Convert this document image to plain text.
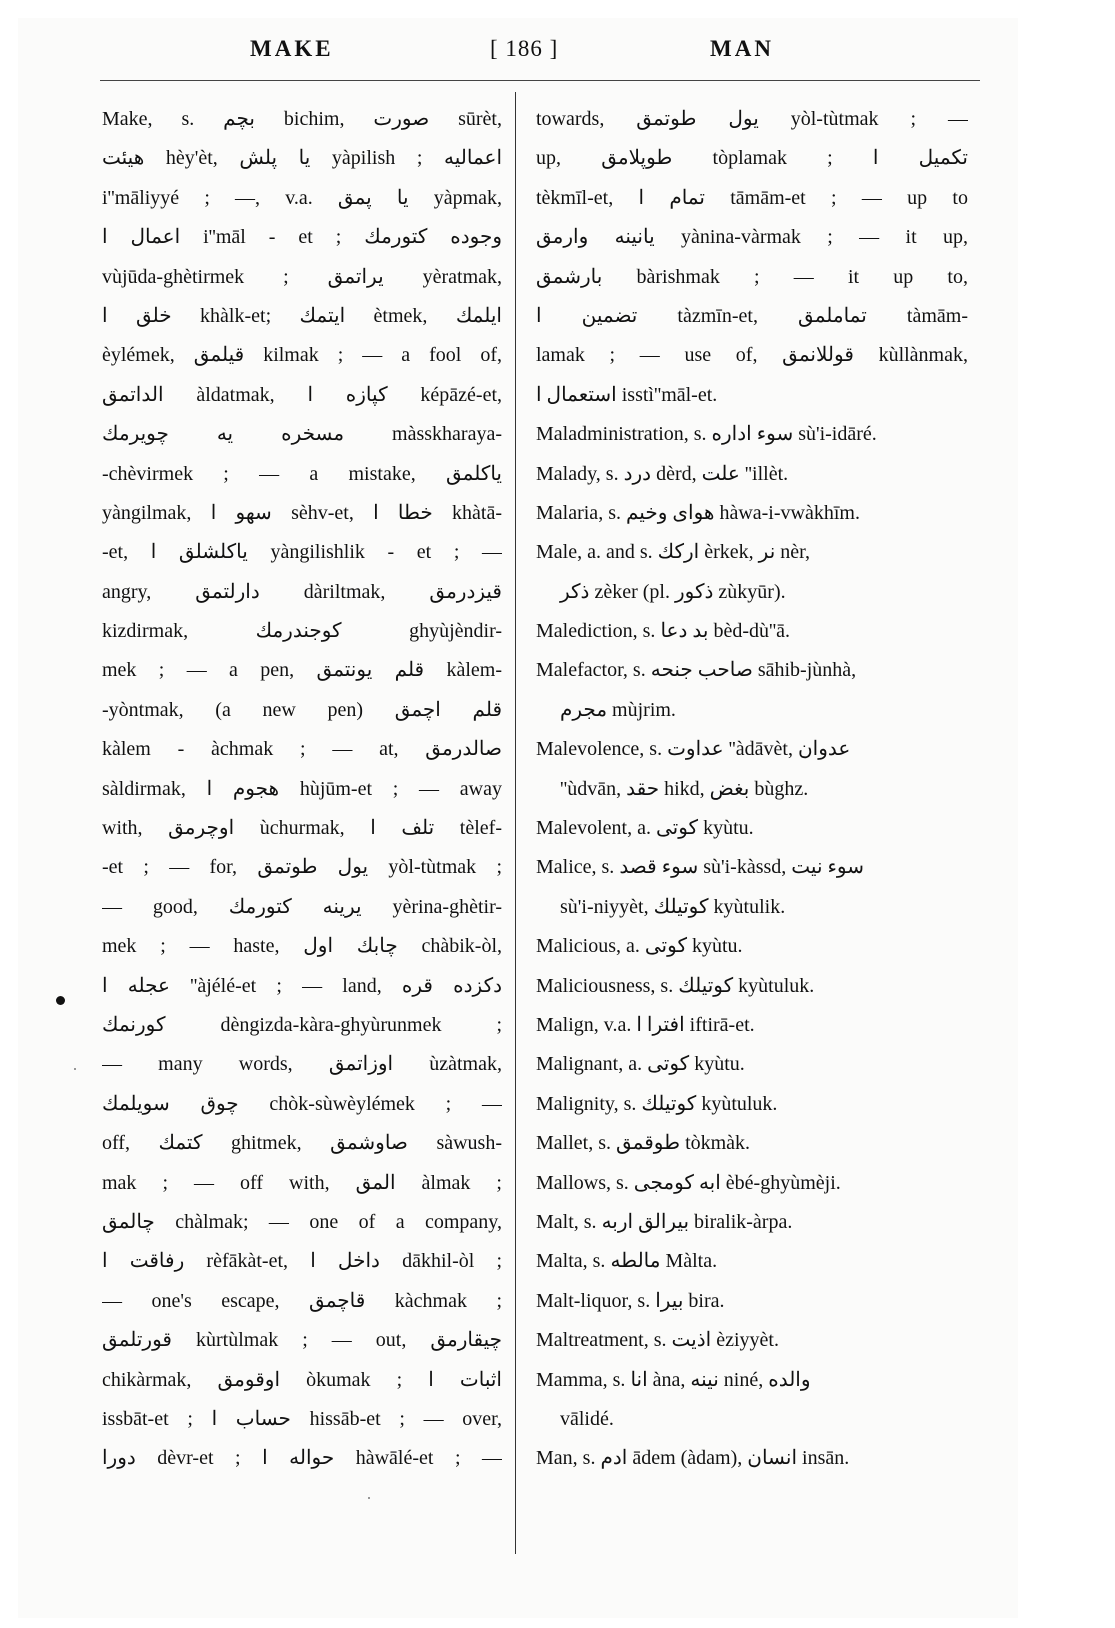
MAKE	[ 186 ]	MAN
Make, s. بچم bichim, صورت sūrèt,
هيئت hèy'èt, يا پلش yàpilish ; اعماليه
i''māliyyé ; —, v.a. يا پمق yàpmak,
اعمال ا i''māl - et ; وجوده كتورمك
vùjūda-ghètirmek ; يراتمق yèratmak,
خلق ا khàlk-et; ايتمك ètmek, ايلمك
èylémek, قيلمق kilmak ; — a fool of,
الداتمق àldatmak, كپازه ا képāzé-et,
مسخره يه چويرمك màsskharaya-
-chèvirmek ; — a mistake, ياكلمق
yàngilmak, سهو ا sèhv-et, خطا ا khàtā-
-et, ياكلشلق ا yàngilishlik - et ; —
angry, دارلتمق dàriltmak, قيزدرمق
kizdirmak, كوجندرمك ghyùjèndir-
mek ; — a pen, قلم يونتمق kàlem-
-yòntmak, (a new pen) قلم اچمق
kàlem - àchmak ; — at, صالدرمق
sàldirmak, هجوم ا hùjūm-et ; — away
with, اوچرمق ùchurmak, تلف ا tèlef-
-et ; — for, يول طوتمق yòl-tùtmak ;
— good, يرينه كتورمك yèrina-ghètir-
mek ; — haste, چابك اول chàbik-òl,
عجله ا ''àjélé-et ; — land, دكزده قره
كورنمك dèngizda-kàra-ghyùrunmek ;
— many words, اوزاتمق ùzàtmak,
چوق سويلمك chòk-sùwèylémek ; —
off, كتمك ghitmek, صاوشمق sàwush-
mak ; — off with, المق àlmak ;
چالمق chàlmak; — one of a company,
رفاقت ا rèfākàt-et, داخل ا dākhil-òl ;
— one's escape, قاچمق kàchmak ;
قورتلمق kùrtùlmak ; — out, چيقارمق
chikàrmak, اوقومق òkumak ; اثبات ا
issbāt-et ; حساب ا hissāb-et ; — over,
دورا dèvr-et ; حواله ا hàwālé-et ; —
towards, يول طوتمق yòl-tùtmak ; —
up, طوپلامق tòplamak ; تكميل ا
tèkmīl-et, تمام ا tāmām-et ; — up to
يانينه وارمق yànina-vàrmak ; — it up,
بارشمق bàrishmak ; — it up to,
تضمين ا tàzmīn-et, تماملمق tàmām-
lamak ; — use of, قوللانمق kùllànmak,
استعمال ا isstì''māl-et.
Maladministration, s. سوء اداره sù'i-idāré.
Malady, s. درد dèrd, علت ''illèt.
Malaria, s. هواى وخيم hàwa-i-vwàkhīm.
Male, a. and s. اركك èrkek, نر nèr,
ذكر zèker (pl. ذكور zùkyūr).
Malediction, s. بد دعا bèd-dù''ā.
Malefactor, s. صاحب جنحه sāhib-jùnhà,
مجرم mùjrim.
Malevolence, s. عداوت ''àdāvèt, عدوان
''ùdvān, حقد hikd, بغض bùghz.
Malevolent, a. كوتى kyùtu.
Malice, s. سوء قصد sù'i-kàssd, سوء نيت
sù'i-niyyèt, كوتيلك kyùtulik.
Malicious, a. كوتى kyùtu.
Maliciousness, s. كوتيلك kyùtuluk.
Malign, v.a. افترا ا iftirā-et.
Malignant, a. كوتى kyùtu.
Malignity, s. كوتيلك kyùtuluk.
Mallet, s. طوقمق tòkmàk.
Mallows, s. ابه كومجى èbé-ghyùmèji.
Malt, s. بيرالق اربه biralik-àrpa.
Malta, s. مالطه Màlta.
Malt-liquor, s. بيرا bira.
Maltreatment, s. اذيت èziyyèt.
Mamma, s. انا àna, نينه niné, والده
vālidé.
Man, s. ادم ādem (àdam), انسان insān.
